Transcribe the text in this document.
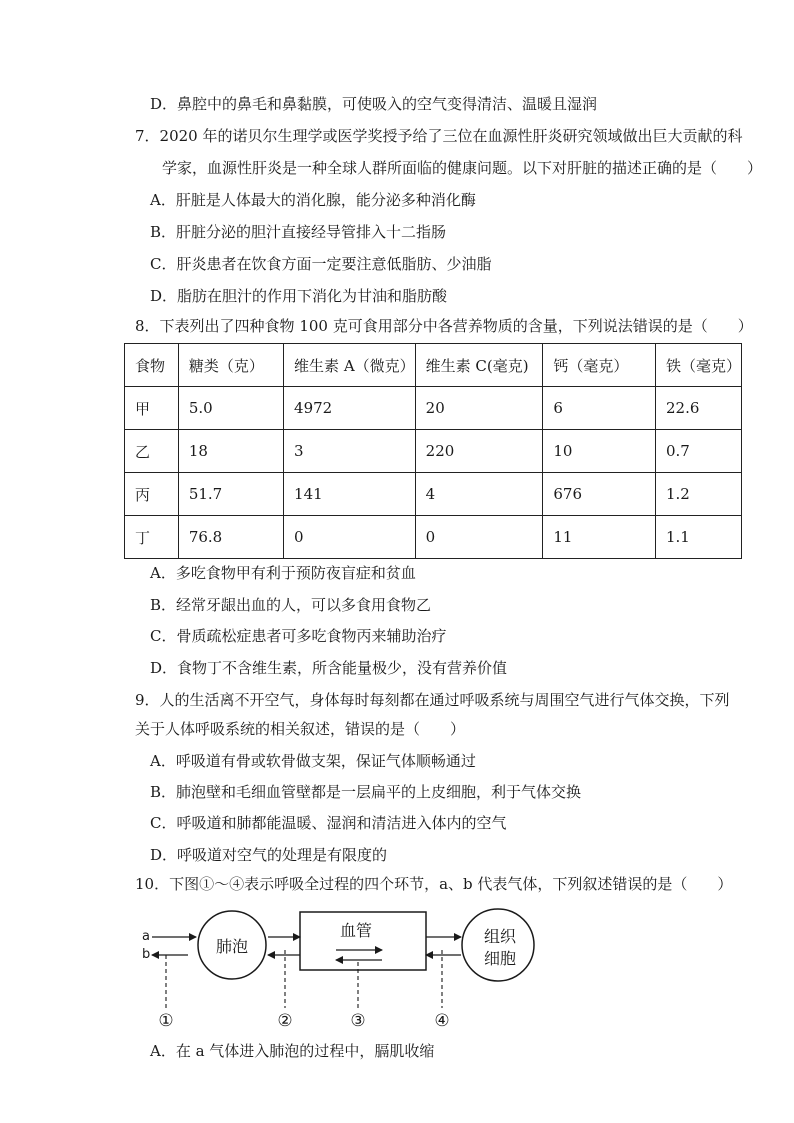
D．鼻腔中的鼻毛和鼻黏膜，可使吸入的空气变得清洁、温暖且湿润
7．2020 年的诺贝尔生理学或医学奖授予给了三位在血源性肝炎研究领域做出巨大贡献的科
学家，血源性肝炎是一种全球人群所面临的健康问题。以下对肝脏的描述正确的是（　　）
A．肝脏是人体最大的消化腺，能分泌多种消化酶
B．肝脏分泌的胆汁直接经导管排入十二指肠
C．肝炎患者在饮食方面一定要注意低脂肪、少油脂
D．脂肪在胆汁的作用下消化为甘油和脂肪酸
8．下表列出了四种食物 100 克可食用部分中各营养物质的含量，下列说法错误的是（　　）
食物	糖类（克）	维生素 A（微克）	维生素 C(毫克)	钙（毫克）	铁（毫克）
甲	5.0	4972	20	6	22.6
乙	18	3	220	10	0.7
丙	51.7	141	4	676	1.2
丁	76.8	0	0	11	1.1
A．多吃食物甲有利于预防夜盲症和贫血
B．经常牙龈出血的人，可以多食用食物乙
C．骨质疏松症患者可多吃食物丙来辅助治疗
D．食物丁不含维生素，所含能量极少，没有营养价值
9．人的生活离不开空气，身体每时每刻都在通过呼吸系统与周围空气进行气体交换，下列
关于人体呼吸系统的相关叙述，错误的是（　　）
A．呼吸道有骨或软骨做支架，保证气体顺畅通过
B．肺泡壁和毛细血管壁都是一层扁平的上皮细胞，利于气体交换
C．呼吸道和肺都能温暖、湿润和清洁进入体内的空气
D．呼吸道对空气的处理是有限度的
10．下图①～④表示呼吸全过程的四个环节，a、b 代表气体，下列叙述错误的是（　　）
肺泡
血管	组织
细胞
a
b
①	②	③	④
A．在 a 气体进入肺泡的过程中，膈肌收缩
